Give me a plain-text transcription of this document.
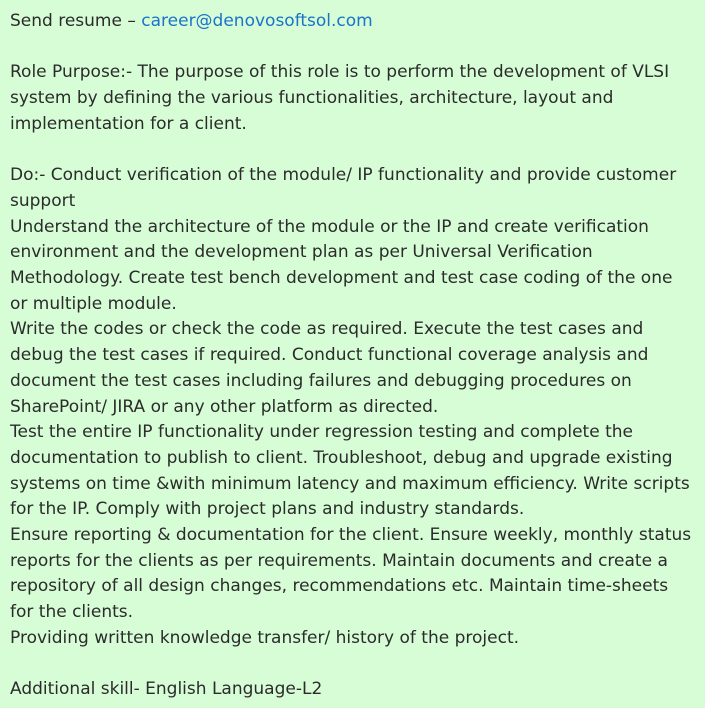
Send resume – career@denovosoftsol.com

Role Purpose:- The purpose of this role is to perform the development of VLSI system by defining the various functionalities, architecture, layout and implementation for a client.

Do:- Conduct verification of the module/ IP functionality and provide customer support

Understand the architecture of the module or the IP and create verification environment and the development plan as per Universal Verification Methodology. Create test bench development and test case coding of the one or multiple module.

Write the codes or check the code as required. Execute the test cases and debug the test cases if required. Conduct functional coverage analysis and document the test cases including failures and debugging procedures on SharePoint/ JIRA or any other platform as directed.

Test the entire IP functionality under regression testing and complete the documentation to publish to client. Troubleshoot, debug and upgrade existing systems on time &with minimum latency and maximum efficiency. Write scripts for the IP. Comply with project plans and industry standards.

Ensure reporting & documentation for the client. Ensure weekly, monthly status reports for the clients as per requirements. Maintain documents and create a repository of all design changes, recommendations etc. Maintain time-sheets for the clients.

Providing written knowledge transfer/ history of the project.

Additional skill- English Language-L2
